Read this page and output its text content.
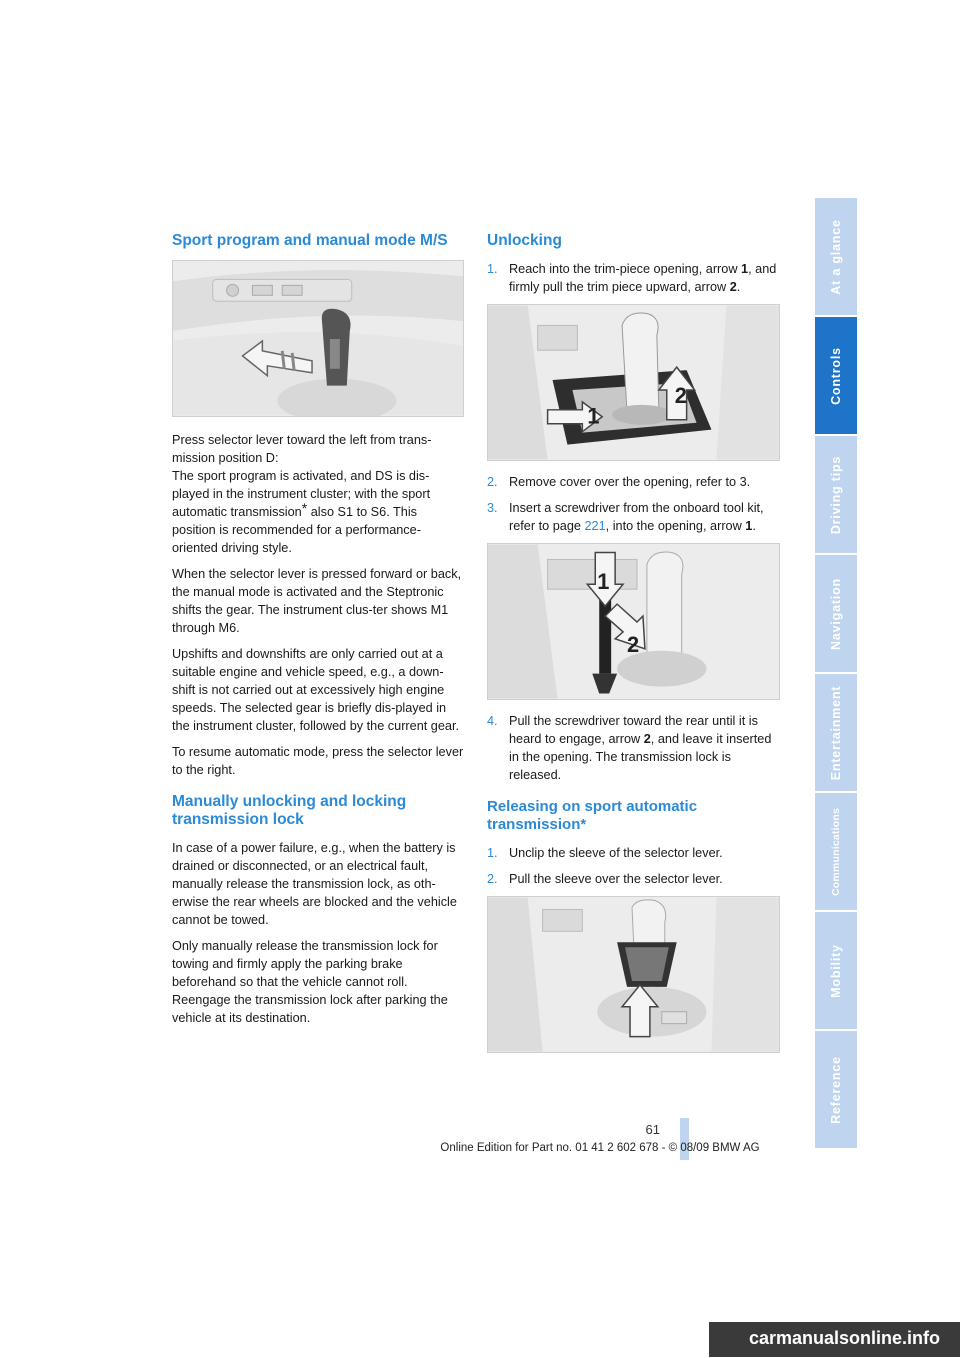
Sport program and manual mode M/S

Press selector lever toward the left from trans-mission position D:
The sport program is activated, and DS is dis-played in the instrument cluster; with the sport automatic transmission* also S1 to S6. This position is recommended for a performance-oriented driving style.

When the selector lever is pressed forward or back, the manual mode is activated and the Steptronic shifts the gear. The instrument clus-ter shows M1 through M6.

Upshifts and downshifts are only carried out at a suitable engine and vehicle speed, e.g., a down-shift is not carried out at excessively high engine speeds. The selected gear is briefly dis-played in the instrument cluster, followed by the current gear.

To resume automatic mode, press the selector lever to the right.

Manually unlocking and locking transmission lock

In case of a power failure, e.g., when the battery is drained or disconnected, or an electrical fault, manually release the transmission lock, as oth-erwise the rear wheels are blocked and the vehicle cannot be towed.

Only manually release the transmission lock for towing and firmly apply the parking brake beforehand so that the vehicle cannot roll. Reengage the transmission lock after parking the vehicle at its destination.

Unlocking
1. Reach into the trim-piece opening, arrow 1, and firmly pull the trim piece upward, arrow 2.
1
2
2. Remove cover over the opening, refer to 3.
3. Insert a screwdriver from the onboard tool kit, refer to page 221, into the opening, arrow 1.
1
2
4. Pull the screwdriver toward the rear until it is heard to engage, arrow 2, and leave it inserted in the opening. The transmission lock is released.
Releasing on sport automatic transmission*
1. Unclip the sleeve of the selector lever.
2. Pull the sleeve over the selector lever.
At a glance
Controls
Driving tips
Navigation
Entertainment
Communications
Mobility
Reference
61
Online Edition for Part no. 01 41 2 602 678 - © 08/09 BMW AG
carmanualsonline.info
